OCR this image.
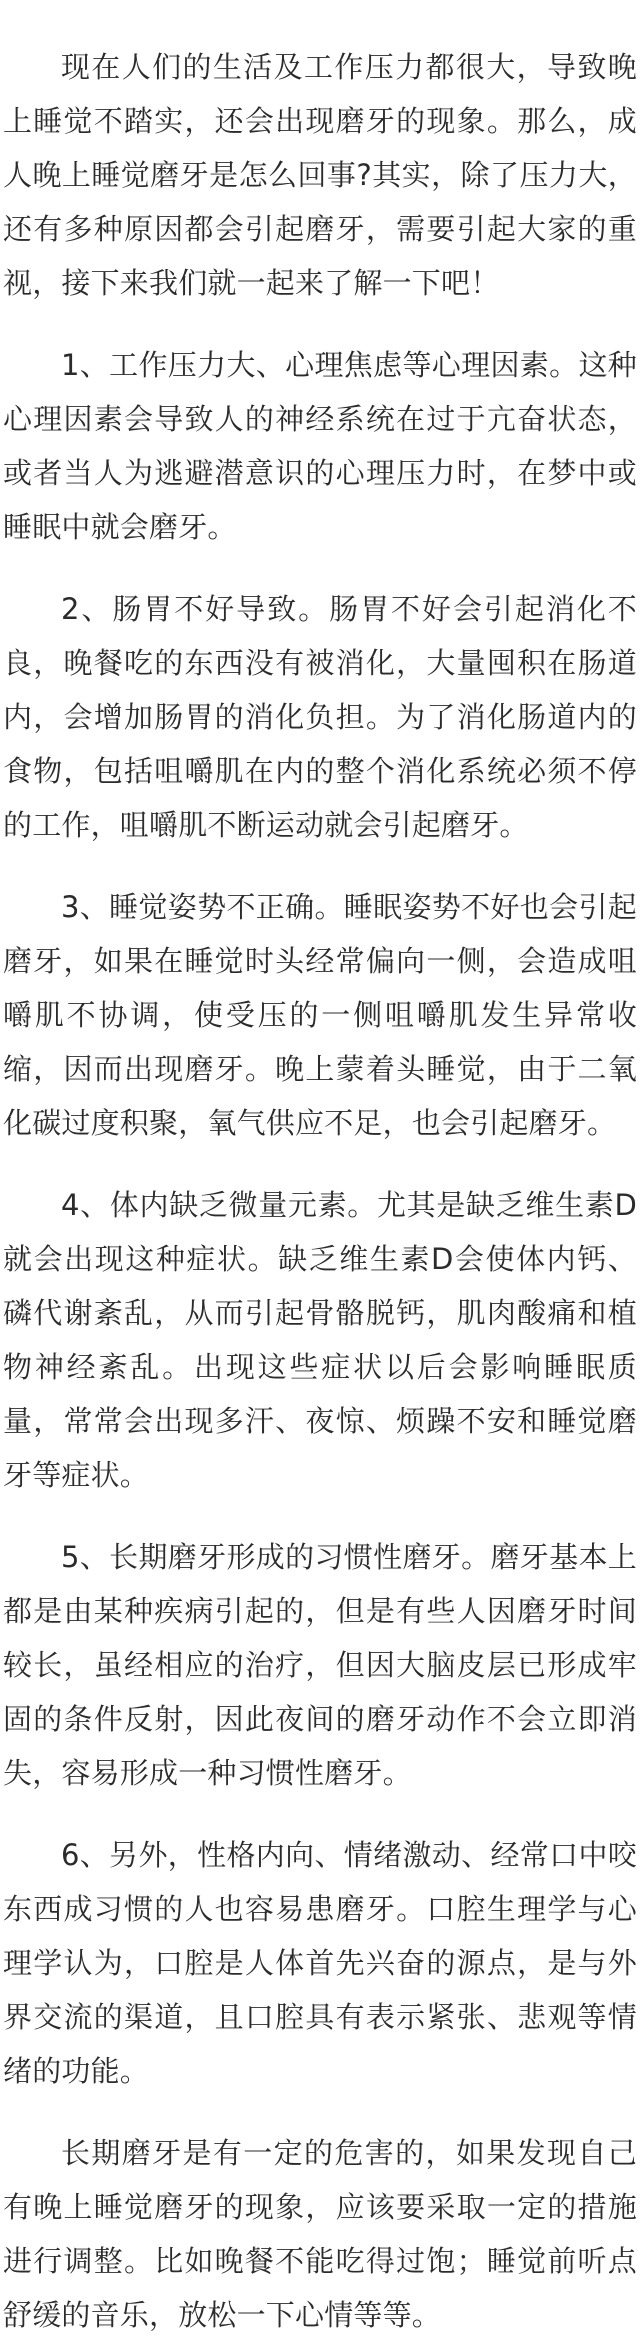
现在人们的生活及工作压力都很大，导致晚上睡觉不踏实，还会出现磨牙的现象。那么，成人晚上睡觉磨牙是怎么回事?其实，除了压力大，还有多种原因都会引起磨牙，需要引起大家的重视，接下来我们就一起来了解一下吧！

1、工作压力大、心理焦虑等心理因素。这种心理因素会导致人的神经系统在过于亢奋状态，或者当人为逃避潜意识的心理压力时，在梦中或睡眠中就会磨牙。

2、肠胃不好导致。肠胃不好会引起消化不良，晚餐吃的东西没有被消化，大量囤积在肠道内，会增加肠胃的消化负担。为了消化肠道内的食物，包括咀嚼肌在内的整个消化系统必须不停的工作，咀嚼肌不断运动就会引起磨牙。

3、睡觉姿势不正确。睡眠姿势不好也会引起磨牙，如果在睡觉时头经常偏向一侧，会造成咀嚼肌不协调，使受压的一侧咀嚼肌发生异常收缩，因而出现磨牙。晚上蒙着头睡觉，由于二氧化碳过度积聚，氧气供应不足，也会引起磨牙。

4、体内缺乏微量元素。尤其是缺乏维生素D就会出现这种症状。缺乏维生素D会使体内钙、磷代谢紊乱，从而引起骨骼脱钙，肌肉酸痛和植物神经紊乱。出现这些症状以后会影响睡眠质量，常常会出现多汗、夜惊、烦躁不安和睡觉磨牙等症状。

5、长期磨牙形成的习惯性磨牙。磨牙基本上都是由某种疾病引起的，但是有些人因磨牙时间较长，虽经相应的治疗，但因大脑皮层已形成牢固的条件反射，因此夜间的磨牙动作不会立即消失，容易形成一种习惯性磨牙。

6、另外，性格内向、情绪激动、经常口中咬东西成习惯的人也容易患磨牙。口腔生理学与心理学认为，口腔是人体首先兴奋的源点，是与外界交流的渠道，且口腔具有表示紧张、悲观等情绪的功能。

长期磨牙是有一定的危害的，如果发现自己有晚上睡觉磨牙的现象，应该要采取一定的措施进行调整。比如晚餐不能吃得过饱；睡觉前听点舒缓的音乐，放松一下心情等等。
